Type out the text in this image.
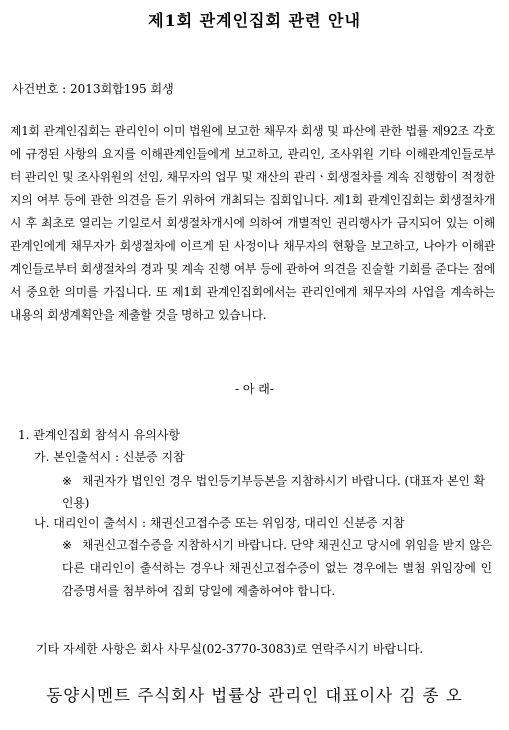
제1회 관계인집회 관련 안내
사건번호 : 2013회합195 회생
제1회 관계인집회는 관리인이 이미 법원에 보고한 채무자 회생 및 파산에 관한 법률 제92조 각호에 규정된 사항의 요지를 이해관계인들에게 보고하고, 관리인, 조사위원 기타 이해관계인들로부터 관리인 및 조사위원의 선임, 채무자의 업무 및 재산의 관리ㆍ회생절차를 계속 진행함이 적정한지의 여부 등에 관한 의견을 듣기 위하여 개최되는 집회입니다. 제1회 관계인집회는 회생절차개시 후 최초로 열리는 기일로서 회생절차개시에 의하여 개별적인 권리행사가 금지되어 있는 이해관계인에게 채무자가 회생절차에 이르게 된 사정이나 채무자의 현황을 보고하고, 나아가 이해관계인들로부터 회생절차의 경과 및 계속 진행 여부 등에 관하여 의견을 진술할 기회를 준다는 점에서 중요한 의미를 가집니다. 또 제1회 관계인집회에서는 관리인에게 채무자의 사업을 계속하는 내용의 회생계획안을 제출할 것을 명하고 있습니다.
- 아 래-
1. 관계인집회 참석시 유의사항
가. 본인출석시 : 신분증 지참
※ 채권자가 법인인 경우 법인등기부등본을 지참하시기 바랍니다. (대표자 본인 확인용)
나. 대리인이 출석시 : 채권신고접수증 또는 위임장, 대리인 신분증 지참
※ 채권신고접수증을 지참하시기 바랍니다. 단약 채권신고 당시에 위임을 받지 않은 다른 대리인이 출석하는 경우나 채권신고접수증이 없는 경우에는 별첨 위임장에 인감증명서를 첨부하여 집회 당일에 제출하여야 합니다.
기타 자세한 사항은 회사 사무실(02-3770-3083)로 연락주시기 바랍니다.
동양시멘트 주식회사 법률상 관리인 대표이사 김 종 오
